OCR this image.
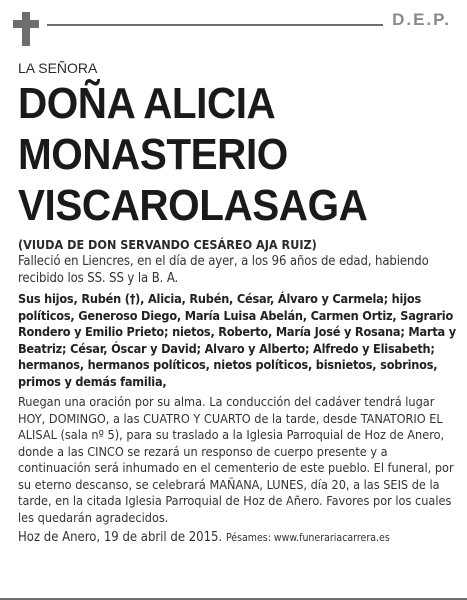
D.E.P.

LA SEÑORA

DOÑA ALICIA

MONASTERIO

VISCAROLASAGA

(VIUDA DE DON SERVANDO CESÁREO AJA RUIZ)

Falleció en Liencres, en el día de ayer, a los 96 años de edad, habiendo recibido los SS. SS y la B. A.

Sus hijos, Rubén (†), Alicia, Rubén, César, Álvaro y Carmela; hijos políticos, Generoso Diego, María Luisa Abelán, Carmen Ortiz, Sagrario Rondero y Emilio Prieto; nietos, Roberto, María José y Rosana; Marta y Beatriz; César, Óscar y David; Alvaro y Alberto; Alfredo y Elisabeth; hermanos, hermanos políticos, nietos políticos, bisnietos, sobrinos, primos y demás familia,

Ruegan una oración por su alma. La conducción del cadáver tendrá lugar HOY, DOMINGO, a las CUATRO Y CUARTO de la tarde, desde TANATORIO EL ALISAL (sala nº 5), para su traslado a la Iglesia Parroquial de Hoz de Anero, donde a las CINCO se rezará un responso de cuerpo presente y a continuación será inhumado en el cementerio de este pueblo. El funeral, por su eterno descanso, se celebrará MAÑANA, LUNES, día 20, a las SEIS de la tarde, en la citada Iglesia Parroquial de Hoz de Añero. Favores por los cuales les quedarán agradecidos.

Hoz de Anero, 19 de abril de 2015. Pésames: www.funerariacarrera.es
